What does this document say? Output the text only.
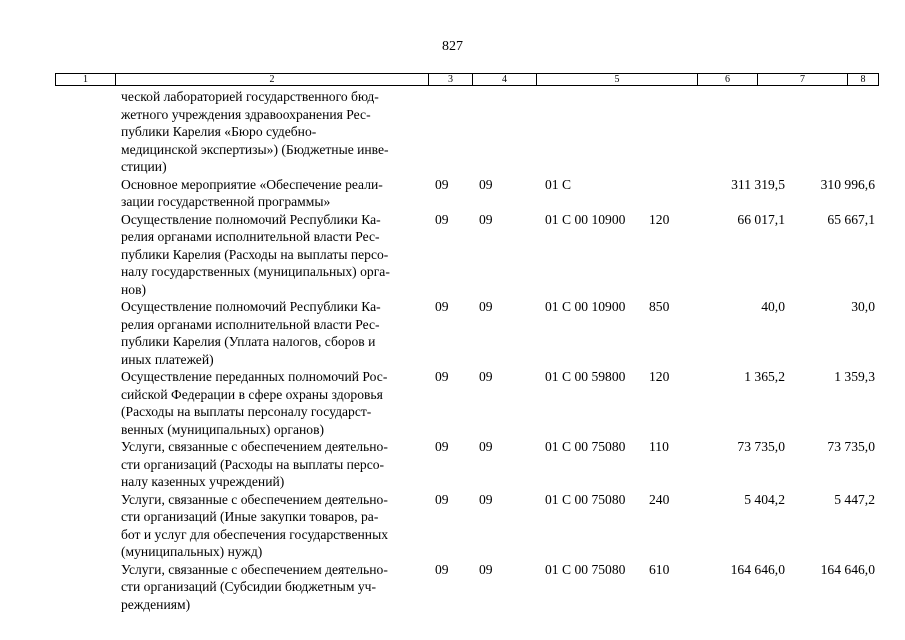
827
1	2	3	4	5	6	7	8
ческой лабораторией государственного бюд-
жетного учреждения здравоохранения Рес-
публики Карелия «Бюро судебно-
медицинской экспертизы») (Бюджетные инве-
стиции)
Основное мероприятие «Обеспечение реали-
зации государственной программы»
09 09	01 С	311 319,5	310 996,6
Осуществление полномочий Республики Ка-
релия органами исполнительной власти Рес-
публики Карелия (Расходы на выплаты персо-
налу государственных (муниципальных) орга-
нов)
09 09	01 С 00 10900 120	66 017,1	65 667,1
Осуществление полномочий Республики Ка-
релия органами исполнительной власти Рес-
публики Карелия (Уплата налогов, сборов и
иных платежей)
09 09	01 С 00 10900 850	40,0	30,0
Осуществление переданных полномочий Рос-
сийской Федерации в сфере охраны здоровья
(Расходы на выплаты персоналу государст-
венных (муниципальных) органов)
09 09	01 С 00 59800 120	1 365,2	1 359,3
Услуги, связанные с обеспечением деятельно-
сти организаций (Расходы на выплаты персо-
налу казенных учреждений)
09 09	01 С 00 75080 110	73 735,0	73 735,0
Услуги, связанные с обеспечением деятельно-
сти организаций (Иные закупки товаров, ра-
бот и услуг для обеспечения государственных
(муниципальных) нужд)
09 09	01 С 00 75080 240	5 404,2	5 447,2
Услуги, связанные с обеспечением деятельно-
сти организаций (Субсидии бюджетным уч-
реждениям)
09 09	01 С 00 75080 610	164 646,0	164 646,0
